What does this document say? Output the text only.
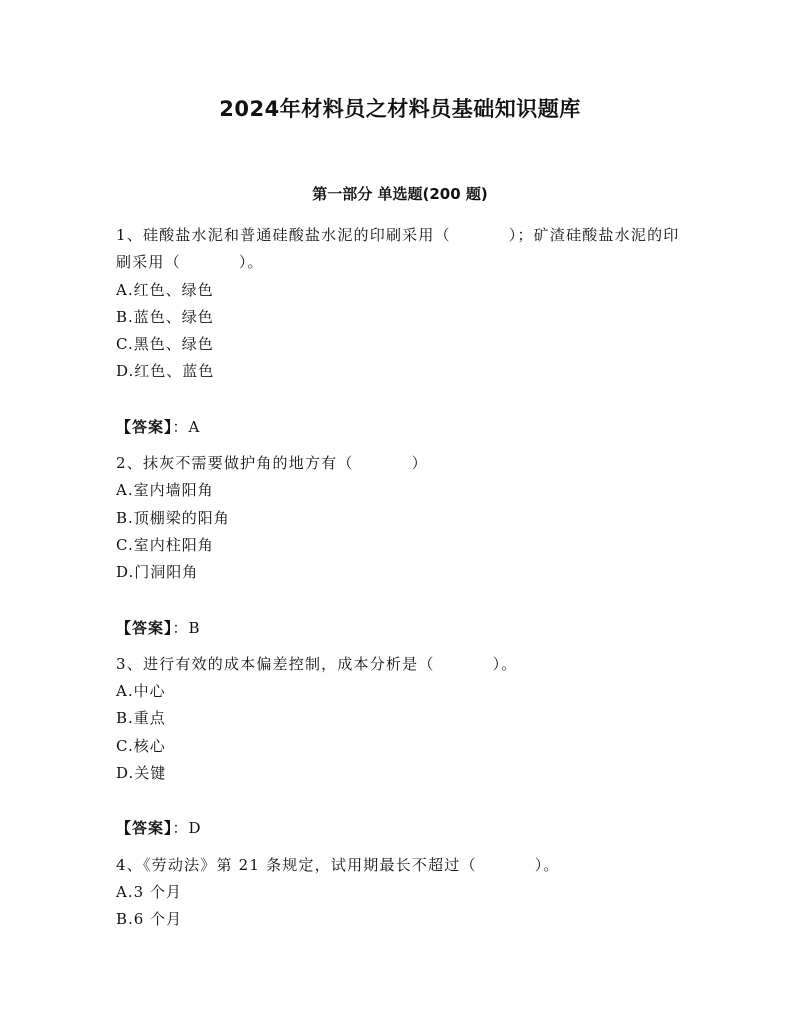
2024年材料员之材料员基础知识题库
第一部分 单选题(200 题)
1、硅酸盐水泥和普通硅酸盐水泥的印刷采用（	）；矿渣硅酸盐水泥的印刷采用（	）。
A.红色、绿色
B.蓝色、绿色
C.黑色、绿色
D.红色、蓝色
【答案】：A
2、抹灰不需要做护角的地方有（	）
A.室内墙阳角
B.顶棚梁的阳角
C.室内柱阳角
D.门洞阳角
【答案】：B
3、进行有效的成本偏差控制，成本分析是（	）。
A.中心
B.重点
C.核心
D.关键
【答案】：D
4、《劳动法》第 21 条规定，试用期最长不超过（	）。
A.3 个月
B.6 个月
